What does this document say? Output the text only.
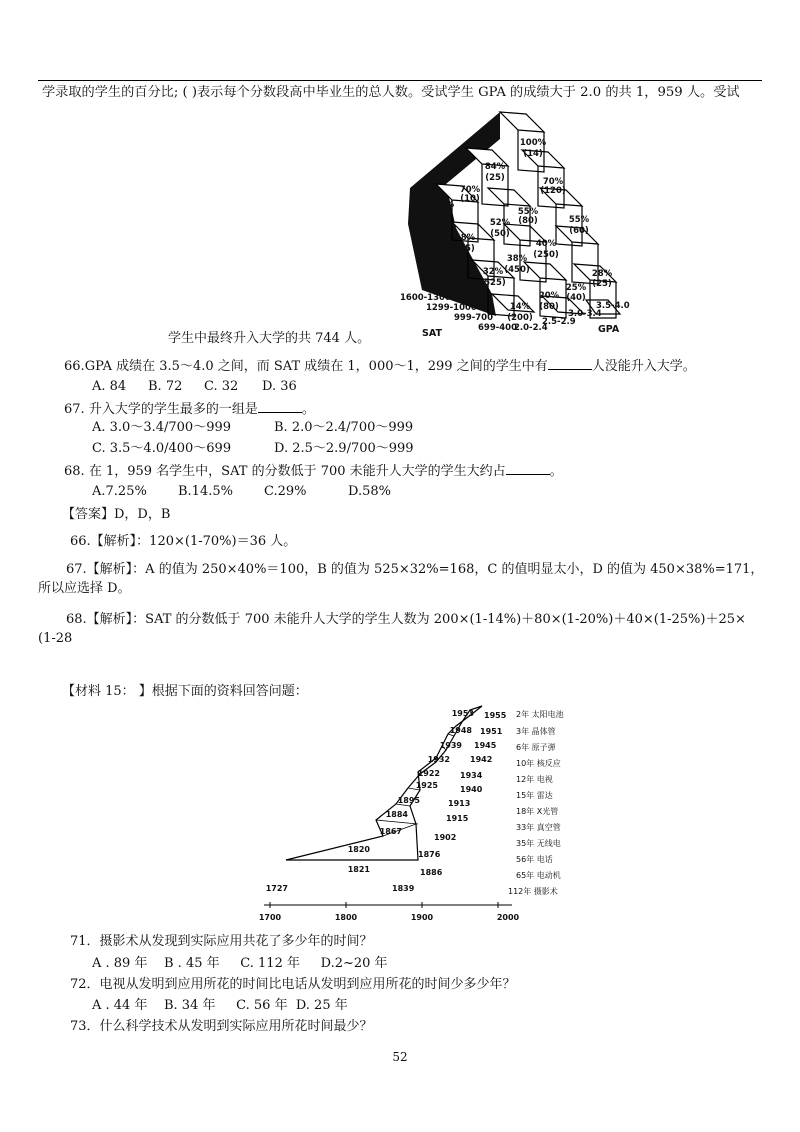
学录取的学生的百分比; ( )表示每个分数段高中毕业生的总人数。受试学生 GPA 的成绩大于 2.0 的共 1，959 人。受试
100%
(14)
84%
(25)	70%
(120)
70%
(10)
55%
(80)	55%
(60)
60%
(5)
52%
(50)
40%
(250)
28%
(25)
48%
(25)
38%
(450)
25%
(40)
32%
(525)
20%
(80)
14%
(200)
1600-1300
1299-1000
999-700
699-400
2.0-2.4
2.5-2.9
3.0-3.4
3.5-4.0
SAT	GPA
学生中最终升入大学的共 744 人。
66.GPA 成绩在 3.5～4.0 之间，而 SAT 成绩在 1，000～1，299 之间的学生中有	人没能升入大学。
A. 84 B. 72 C. 32 D. 36
67. 升入大学的学生最多的一组是	。
A. 3.0～3.4/700～999	B. 2.0～2.4/700～999
C. 3.5～4.0/400～699	D. 2.5～2.9/700～999
68. 在 1，959 名学生中，SAT 的分数低于 700 未能升人大学的学生大约占	。
A.7.25% B.14.5% C.29%	D.58%
【答案】D，D，B
66.【解析】：120×(1-70%)＝36 人。
67.【解析】：A 的值为 250×40%＝100，B 的值为 525×32%=168，C 的值明显太小，D 的值为 450×38%=171，
所以应选择 D。
68.【解析】：SAT 的分数低于 700 未能升人大学的学生人数为 200×(1-14%)＋80×(1-20%)＋40×(1-25%)＋25×
(1-28
【材料 15： 】根据下面的资料回答问题：
1727
1821
1820
1867
1884
1895
1925
1922
1932
1939
1948
1953
1839
1886
1876
1902
1915
1913
1940
1934
1942
1945
1951
1955 2年 太阳电池
3年 晶体管
6年 原子弹
10年 核反应
12年 电视
15年 雷达
18年 X光管
33年 真空管
35年 无线电
56年 电话
65年 电动机
112年 摄影术
1700	1800	1900	2000
71．摄影术从发现到实际应用共花了多少年的时间？
A . 89 年    B . 45 年     C. 112 年     D.2~20 年
72．电视从发明到应用所花的时间比电话从发明到应用所花的时间少多少年？
A . 44 年    B. 34 年     C. 56 年  D. 25 年
73．什么科学技术从发明到实际应用所花时间最少？
52
